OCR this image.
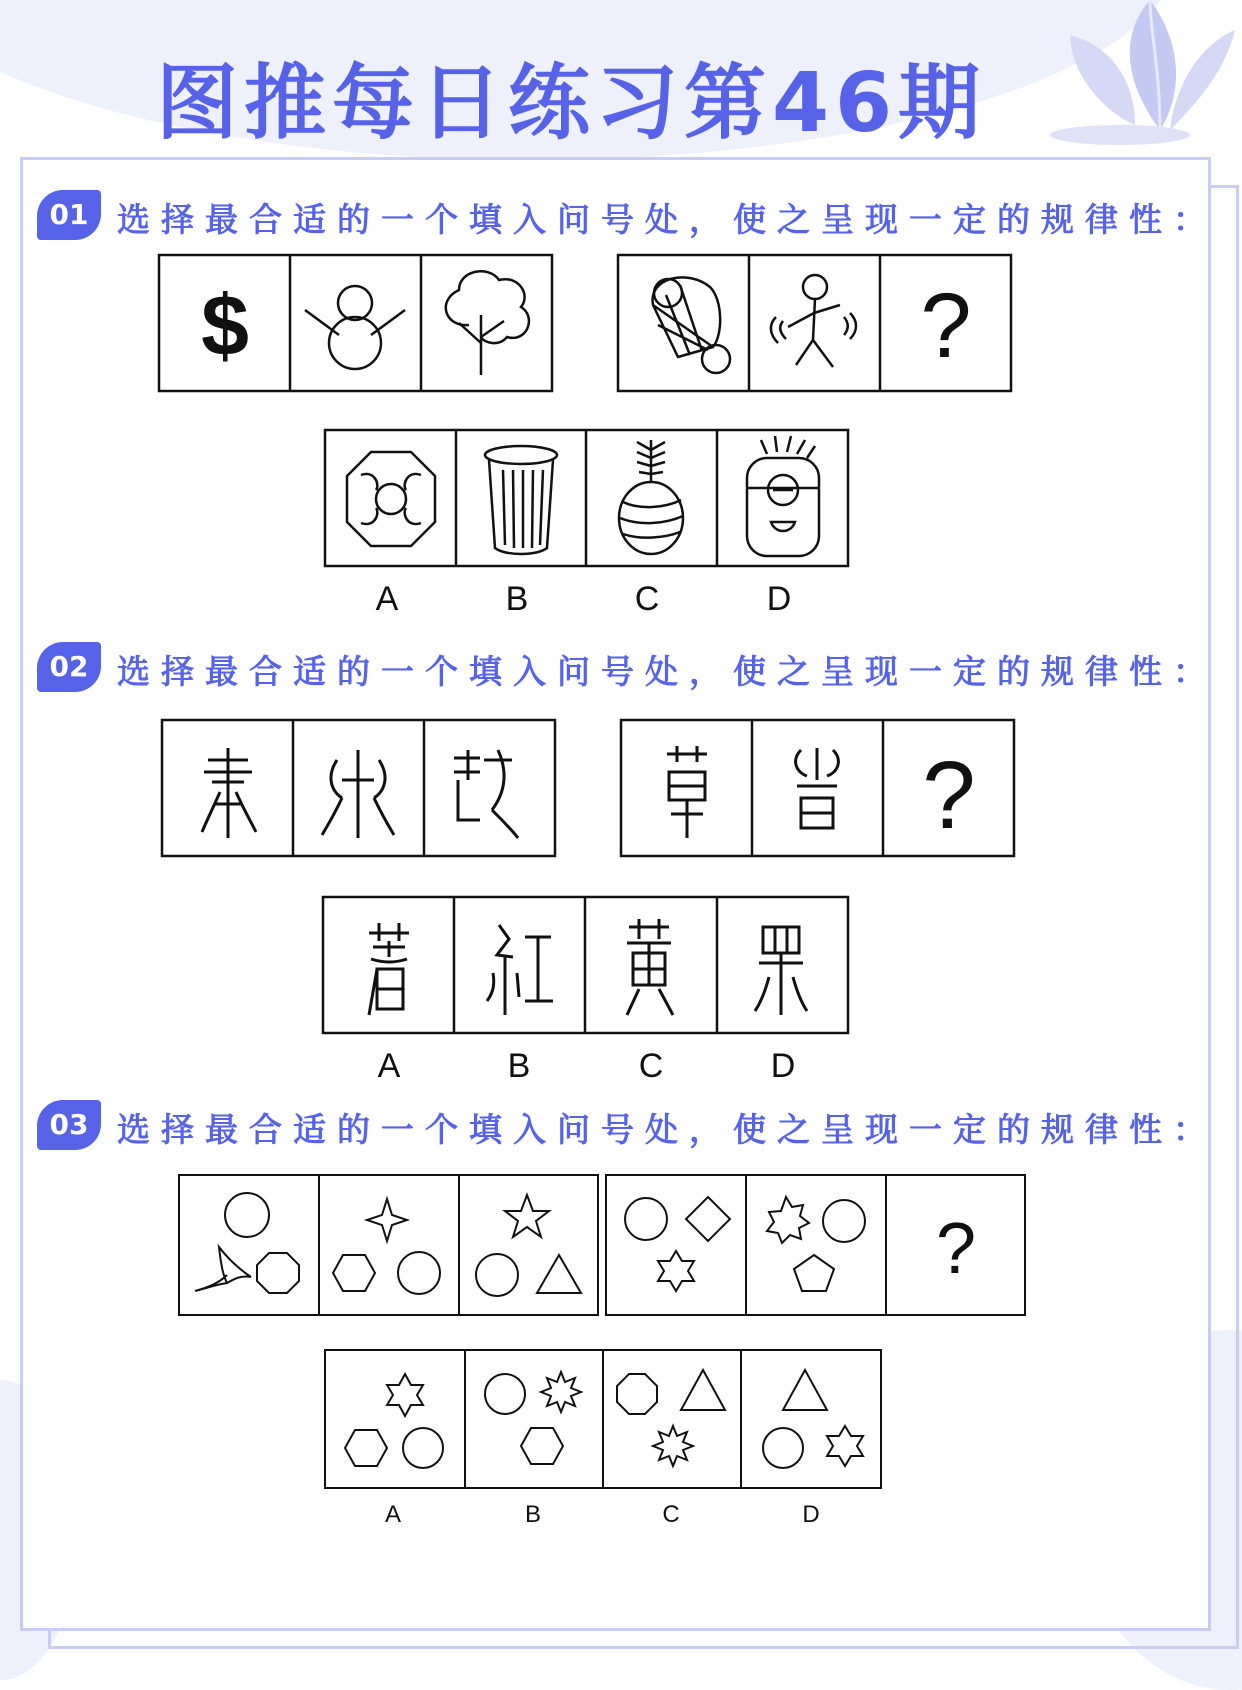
图推每日练习第46期
01 选择最合适的一个填入问号处，使之呈现一定的规律性：
$	?
A	B	C	D
02 选择最合适的一个填入问号处，使之呈现一定的规律性：
?
A	B	C	D
03 选择最合适的一个填入问号处，使之呈现一定的规律性：
?
A	B	C	D
